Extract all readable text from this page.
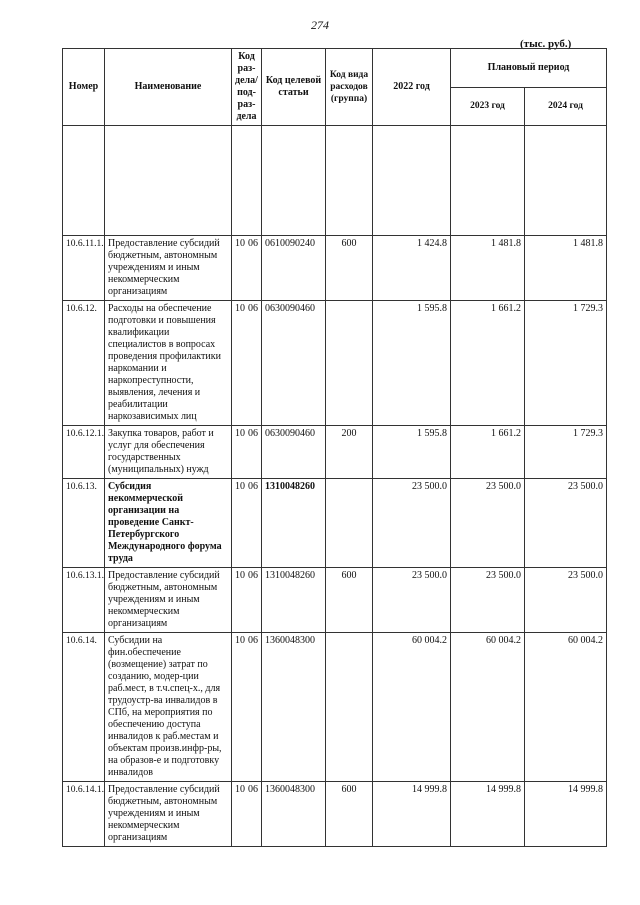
274
(тыс. руб.)
Номер	Наименование	Код раз-дела/ под-раз-дела	Код целевой статьи	Код вида расходов (группа)	2022 год	Плановый период	
						2023 год	2024 год

10.6.11.1.	Предоставление субсидий бюджетным, автономным учреждениям и иным некоммерческим организациям	10 06	0610090240	600	1 424.8	1 481.8	1 481.8
10.6.12.	Расходы на обеспечение подготовки и повышения квалификации специалистов в вопросах проведения профилактики наркомании и наркопреступности, выявления, лечения и реабилитации наркозависимых лиц	10 06	0630090460		1 595.8	1 661.2	1 729.3
10.6.12.1.	Закупка товаров, работ и услуг для обеспечения государственных (муниципальных) нужд	10 06	0630090460	200	1 595.8	1 661.2	1 729.3
10.6.13.	Субсидия некоммерческой организации на проведение Санкт-Петербургского Международного форума труда	10 06	1310048260		23 500.0	23 500.0	23 500.0
10.6.13.1.	Предоставление субсидий бюджетным, автономным учреждениям и иным некоммерческим организациям	10 06	1310048260	600	23 500.0	23 500.0	23 500.0
10.6.14.	Субсидии на фин.обеспечение (возмещение) затрат по созданию, модер-ции раб.мест, в т.ч.спец-х., для трудоустр-ва инвалидов в СПб, на мероприятия по обеспечению доступа инвалидов к раб.местам и объектам произв.инфр-ры, на образов-е и подготовку инвалидов	10 06	1360048300		60 004.2	60 004.2	60 004.2
10.6.14.1.	Предоставление субсидий бюджетным, автономным учреждениям и иным некоммерческим организациям	10 06	1360048300	600	14 999.8	14 999.8	14 999.8
